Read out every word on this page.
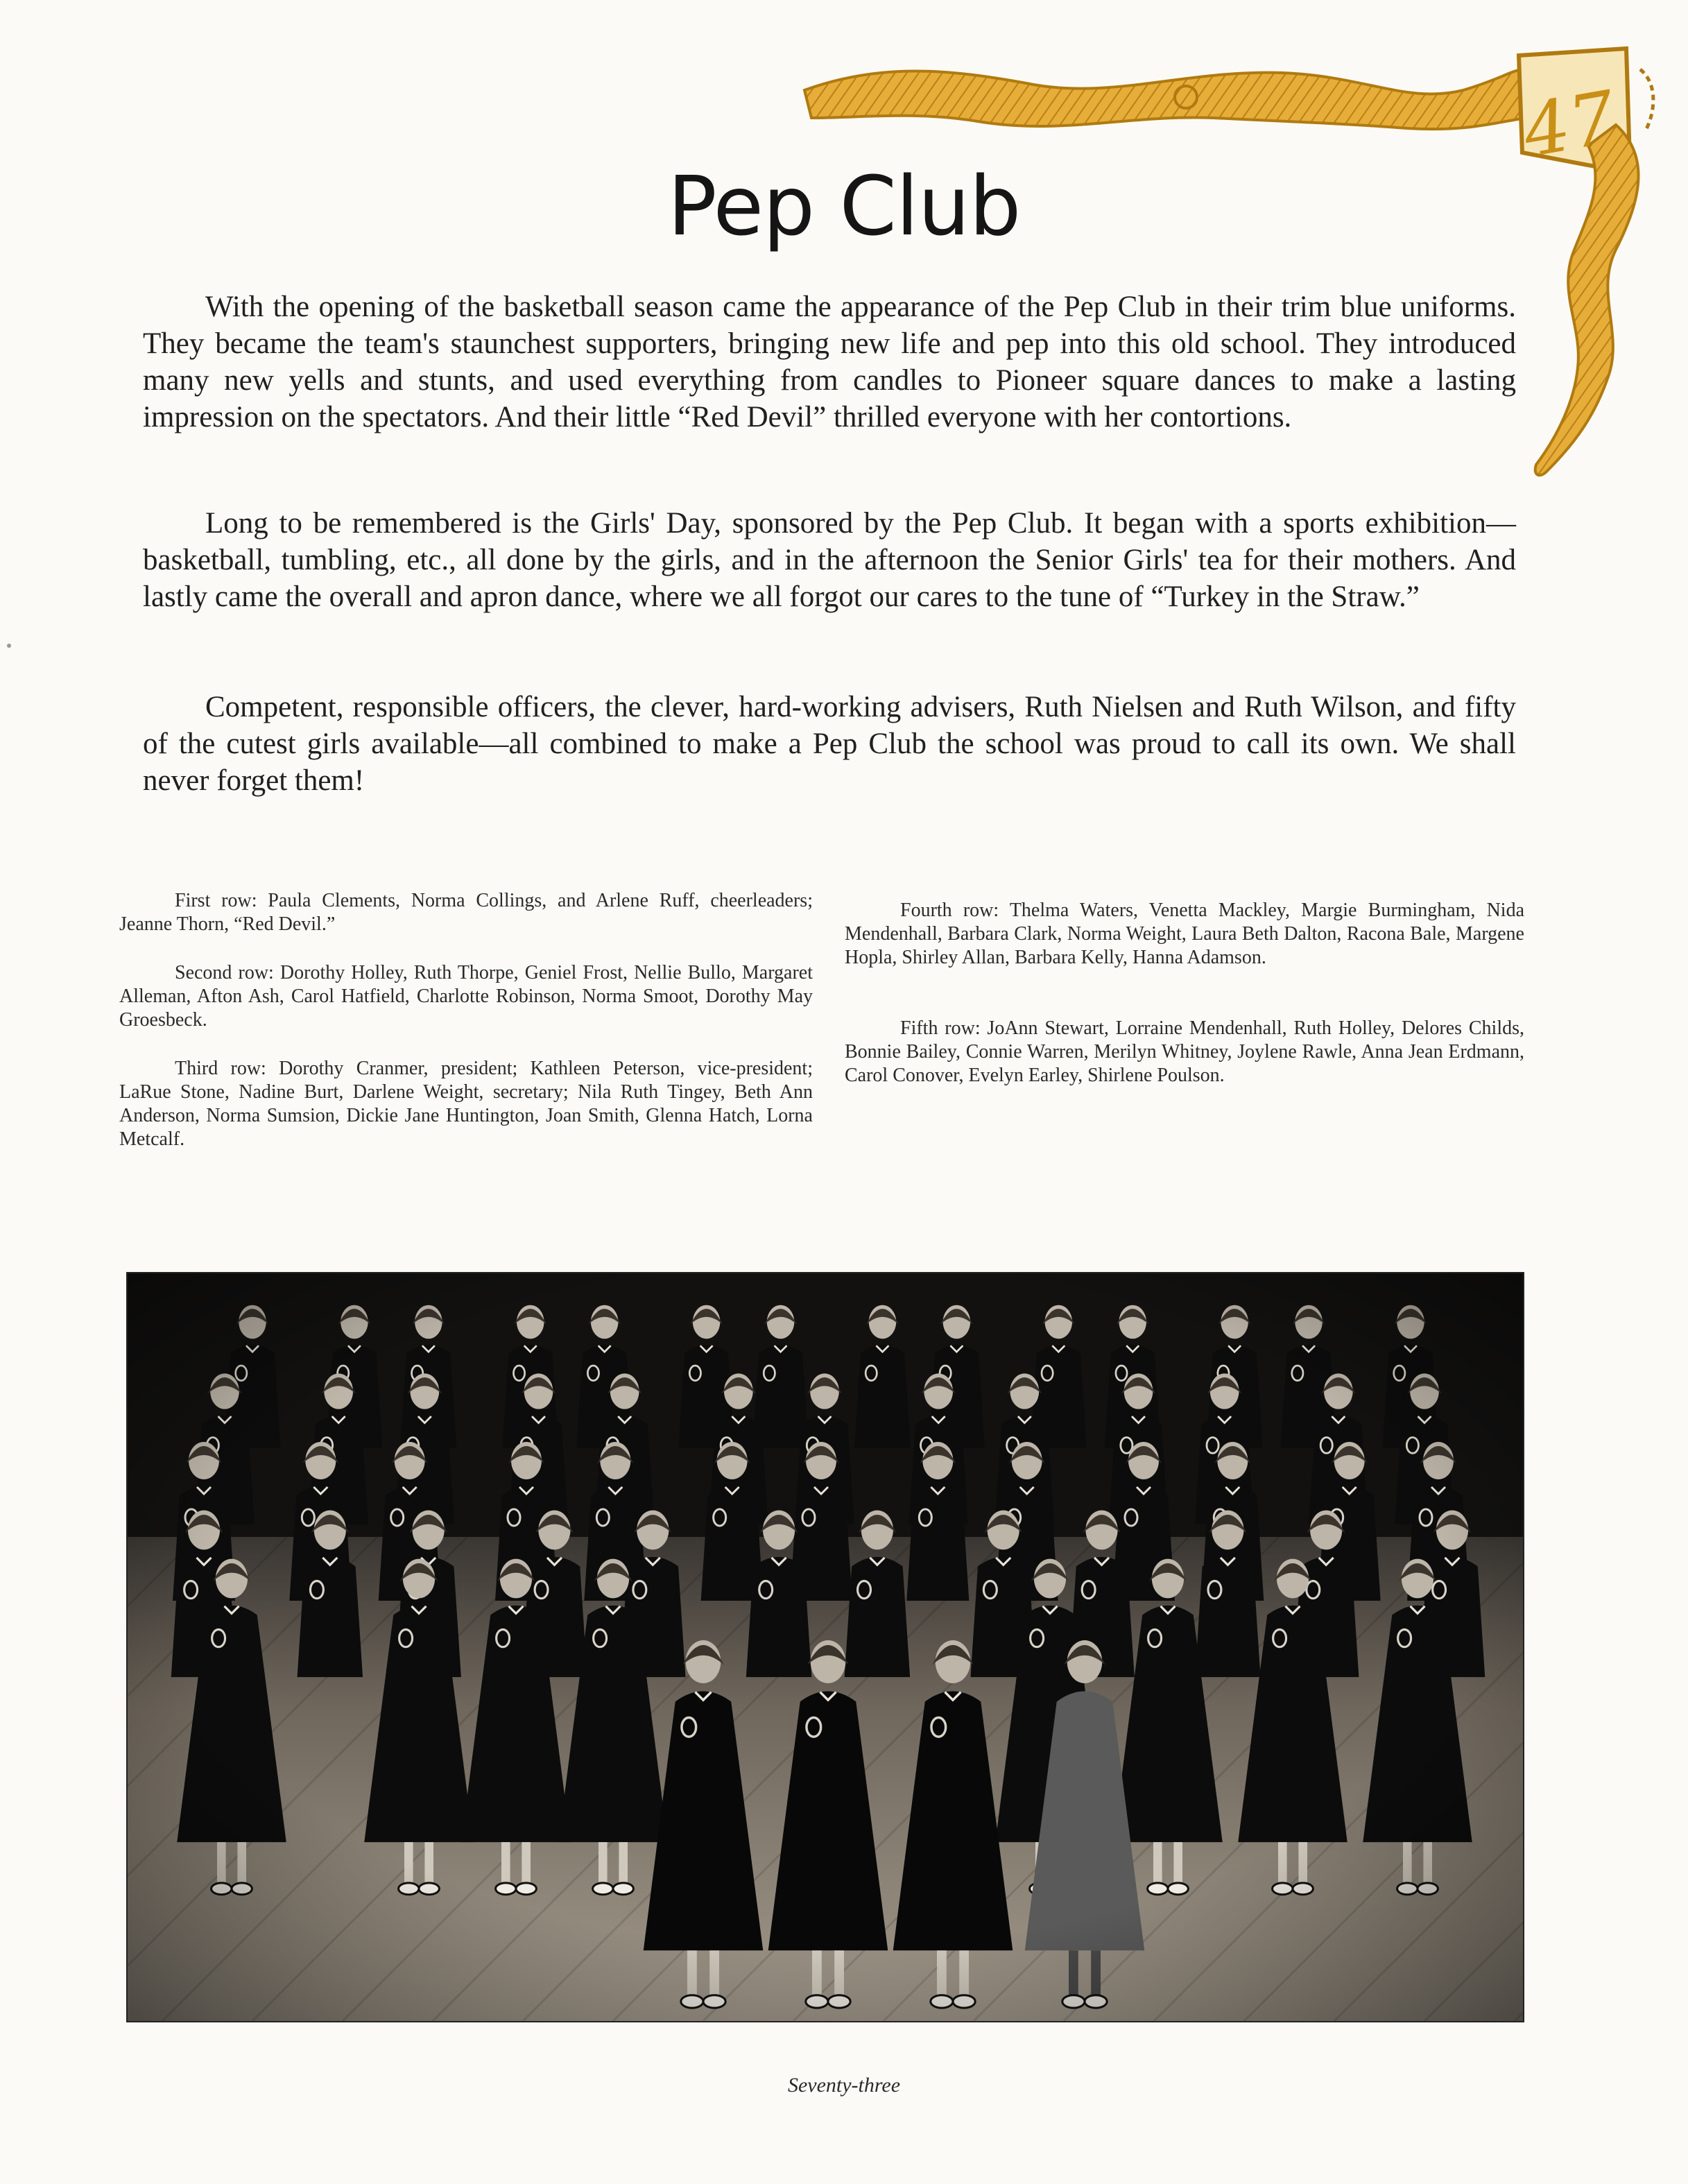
47
Pep Club

With the opening of the basketball season came the appearance of the Pep Club in their trim blue uniforms. They became the team's staunchest supporters, bringing new life and pep into this old school. They introduced many new yells and stunts, and used everything from candles to Pioneer square dances to make a lasting impression on the spectators. And their little “Red Devil” thrilled everyone with her contortions.

Long to be remembered is the Girls' Day, sponsored by the Pep Club. It began with a sports exhibition—basketball, tumbling, etc., all done by the girls, and in the afternoon the Senior Girls' tea for their mothers. And lastly came the overall and apron dance, where we all forgot our cares to the tune of “Turkey in the Straw.”

Competent, responsible officers, the clever, hard-working advisers, Ruth Nielsen and Ruth Wilson, and fifty of the cutest girls available—all combined to make a Pep Club the school was proud to call its own. We shall never forget them!

First row: Paula Clements, Norma Collings, and Arlene Ruff, cheerleaders; Jeanne Thorn, “Red Devil.”

Second row: Dorothy Holley, Ruth Thorpe, Geniel Frost, Nellie Bullo, Margaret Alleman, Afton Ash, Carol Hatfield, Charlotte Robinson, Norma Smoot, Dorothy May Groesbeck.

Third row: Dorothy Cranmer, president; Kathleen Peterson, vice-president; LaRue Stone, Nadine Burt, Darlene Weight, secretary; Nila Ruth Tingey, Beth Ann Anderson, Norma Sumsion, Dickie Jane Huntington, Joan Smith, Glenna Hatch, Lorna Metcalf.

Fourth row: Thelma Waters, Venetta Mackley, Margie Burmingham, Nida Mendenhall, Barbara Clark, Norma Weight, Laura Beth Dalton, Racona Bale, Margene Hopla, Shirley Allan, Barbara Kelly, Hanna Adamson.

Fifth row: JoAnn Stewart, Lorraine Mendenhall, Ruth Holley, Delores Childs, Bonnie Bailey, Connie Warren, Merilyn Whitney, Joylene Rawle, Anna Jean Erdmann, Carol Conover, Evelyn Earley, Shirlene Poulson.

Seventy-three
